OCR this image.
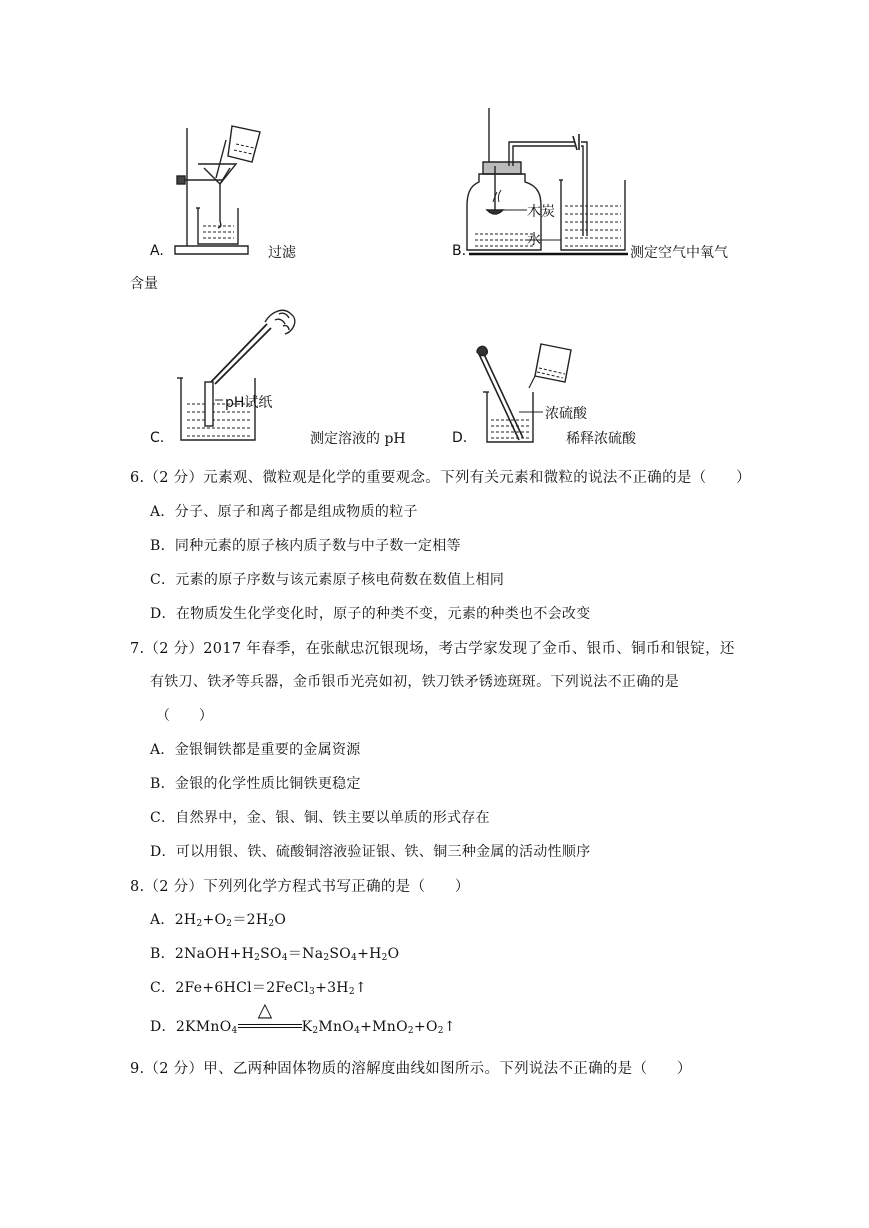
A.	过滤
木炭
水
B.	测定空气中氧气
含量
pH试纸
C.	测定溶液的 pH
浓硫酸
D.	稀释浓硫酸
6.（2 分）元素观、微粒观是化学的重要观念。下列有关元素和微粒的说法不正确的是（　　）
A．分子、原子和离子都是组成物质的粒子
B．同种元素的原子核内质子数与中子数一定相等
C．元素的原子序数与该元素原子核电荷数在数值上相同
D．在物质发生化学变化时，原子的种类不变，元素的种类也不会改变
7.（2 分）2017 年春季，在张献忠沉银现场，考古学家发现了金币、银币、铜币和银锭，还
有铁刀、铁矛等兵器，金币银币光亮如初，铁刀铁矛锈迹斑斑。下列说法不正确的是
（　　）
A．金银铜铁都是重要的金属资源
B．金银的化学性质比铜铁更稳定
C．自然界中，金、银、铜、铁主要以单质的形式存在
D．可以用银、铁、硫酸铜溶液验证银、铁、铜三种金属的活动性顺序
8.（2 分）下列列化学方程式书写正确的是（　　）
A．$2H_2+O_2=2H_2O$
B．$2NaOH+H_2SO_4=Na_2SO_4+H_2O$
C．$2Fe+6HCl=2FeCl_3+3H_2↑$
D．2KMnO$_4$
△
$K_2MnO_4+MnO_2+O_2↑$
9.（2 分）甲、乙两种固体物质的溶解度曲线如图所示。下列说法不正确的是（　　）
